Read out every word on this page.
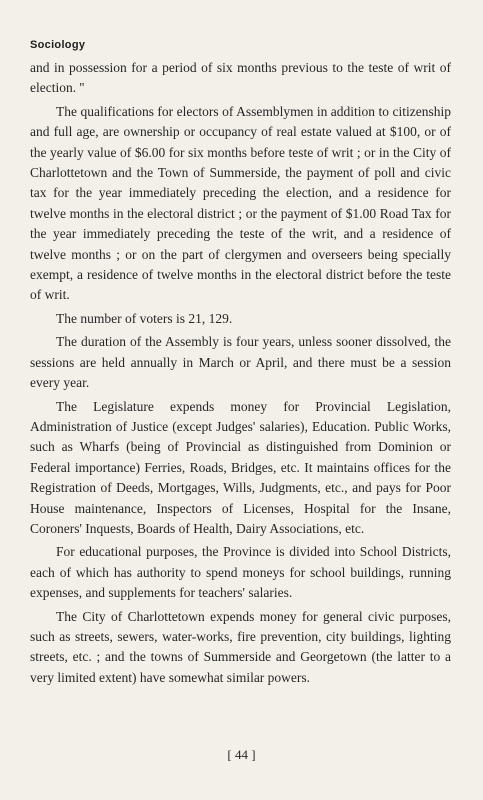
Sociology

and in possession for a period of six months previous to the teste of writ of election. ''

The qualifications for electors of Assemblymen in addition to citizenship and full age, are ownership or occupancy of real estate valued at $100, or of the yearly value of $6.00 for six months before teste of writ ; or in the City of Charlottetown and the Town of Summerside, the payment of poll and civic tax for the year immediately preceding the election, and a residence for twelve months in the electoral district ; or the payment of $1.00 Road Tax for the year immediately preceding the teste of the writ, and a residence of twelve months ; or on the part of clergymen and overseers being specially exempt, a residence of twelve months in the electoral district before the teste of writ.

The number of voters is 21, 129.

The duration of the Assembly is four years, unless sooner dissolved, the sessions are held annually in March or April, and there must be a session every year.

The Legislature expends money for Provincial Legislation, Administration of Justice (except Judges' salaries), Education. Public Works, such as Wharfs (being of Provincial as distinguished from Dominion or Federal importance) Ferries, Roads, Bridges, etc. It maintains offices for the Registration of Deeds, Mortgages, Wills, Judgments, etc., and pays for Poor House maintenance, Inspectors of Licenses, Hospital for the Insane, Coroners' Inquests, Boards of Health, Dairy Associations, etc.

For educational purposes, the Province is divided into School Districts, each of which has authority to spend moneys for school buildings, running expenses, and supplements for teachers' salaries.

The City of Charlottetown expends money for general civic purposes, such as streets, sewers, water-works, fire prevention, city buildings, lighting streets, etc. ; and the towns of Summerside and Georgetown (the latter to a very limited extent) have somewhat similar powers.

[ 44 ]
